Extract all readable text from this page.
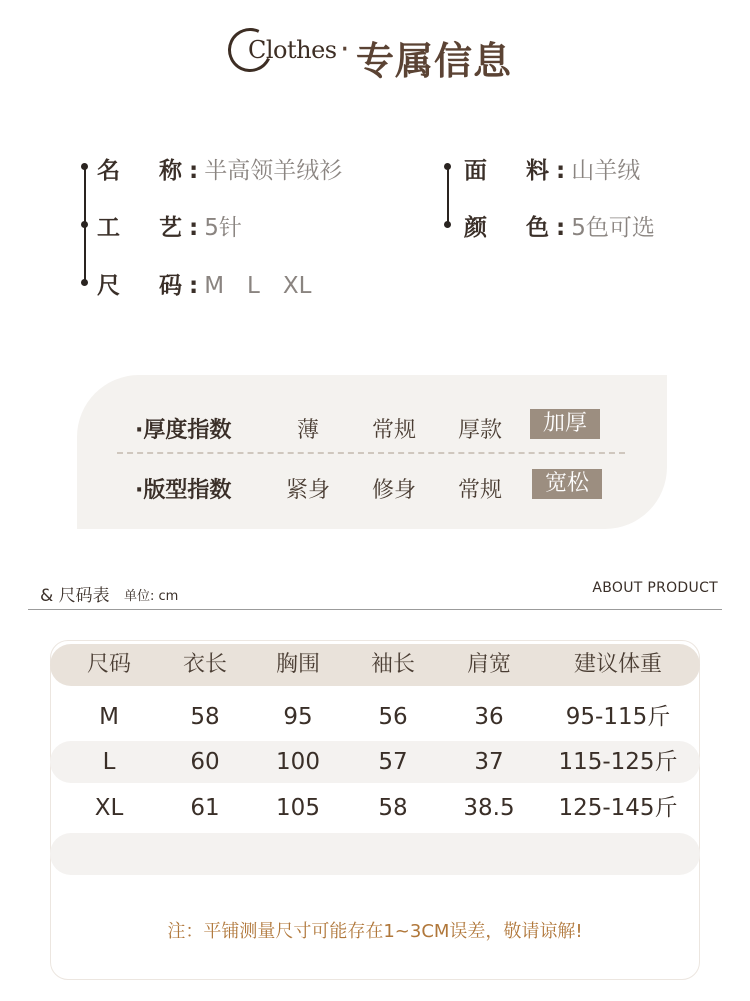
Clothes · 专属信息
名 称 : 半高领羊绒衫
工 艺 : 5针
尺 码 : M　L　XL
面 料 : 山羊绒
颜 色 : 5色可选
·厚度指数	薄	常规	厚款	加厚
·版型指数	紧身	修身	常规	宽松
& 尺码表 单位: cm
ABOUT PRODUCT
尺码	衣长	胸围	袖长	肩宽	建议体重
M	58	95	56	36	95-115斤
L	60	100	57	37	115-125斤
XL	61	105	58	38.5	125-145斤
注：平铺测量尺寸可能存在1~3CM误差，敬请谅解!
